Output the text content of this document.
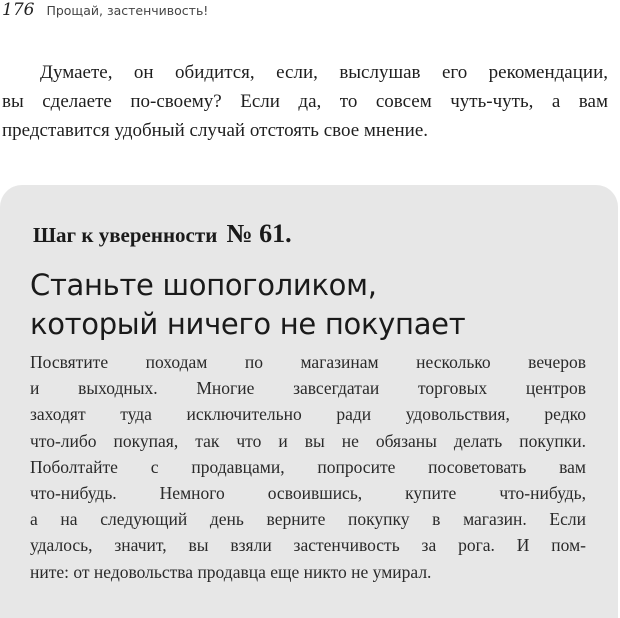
176 Прощай, застенчивость!
Думаете, он обидится, если, выслушав его рекомендации,
вы сделаете по-своему? Если да, то совсем чуть-чуть, а вам
представится удобный случай отстоять свое мнение.
Шаг к уверенности № 61.
Станьте шопоголиком,
который ничего не покупает
Посвятите походам по магазинам несколько вечеров
и выходных. Многие завсегдатаи торговых центров
заходят туда исключительно ради удовольствия, редко
что-либо покупая, так что и вы не обязаны делать покупки.
Поболтайте с продавцами, попросите посоветовать вам
что-нибудь. Немного освоившись, купите что-нибудь,
а на следующий день верните покупку в магазин. Если
удалось, значит, вы взяли застенчивость за рога. И пом-
ните: от недовольства продавца еще никто не умирал.
